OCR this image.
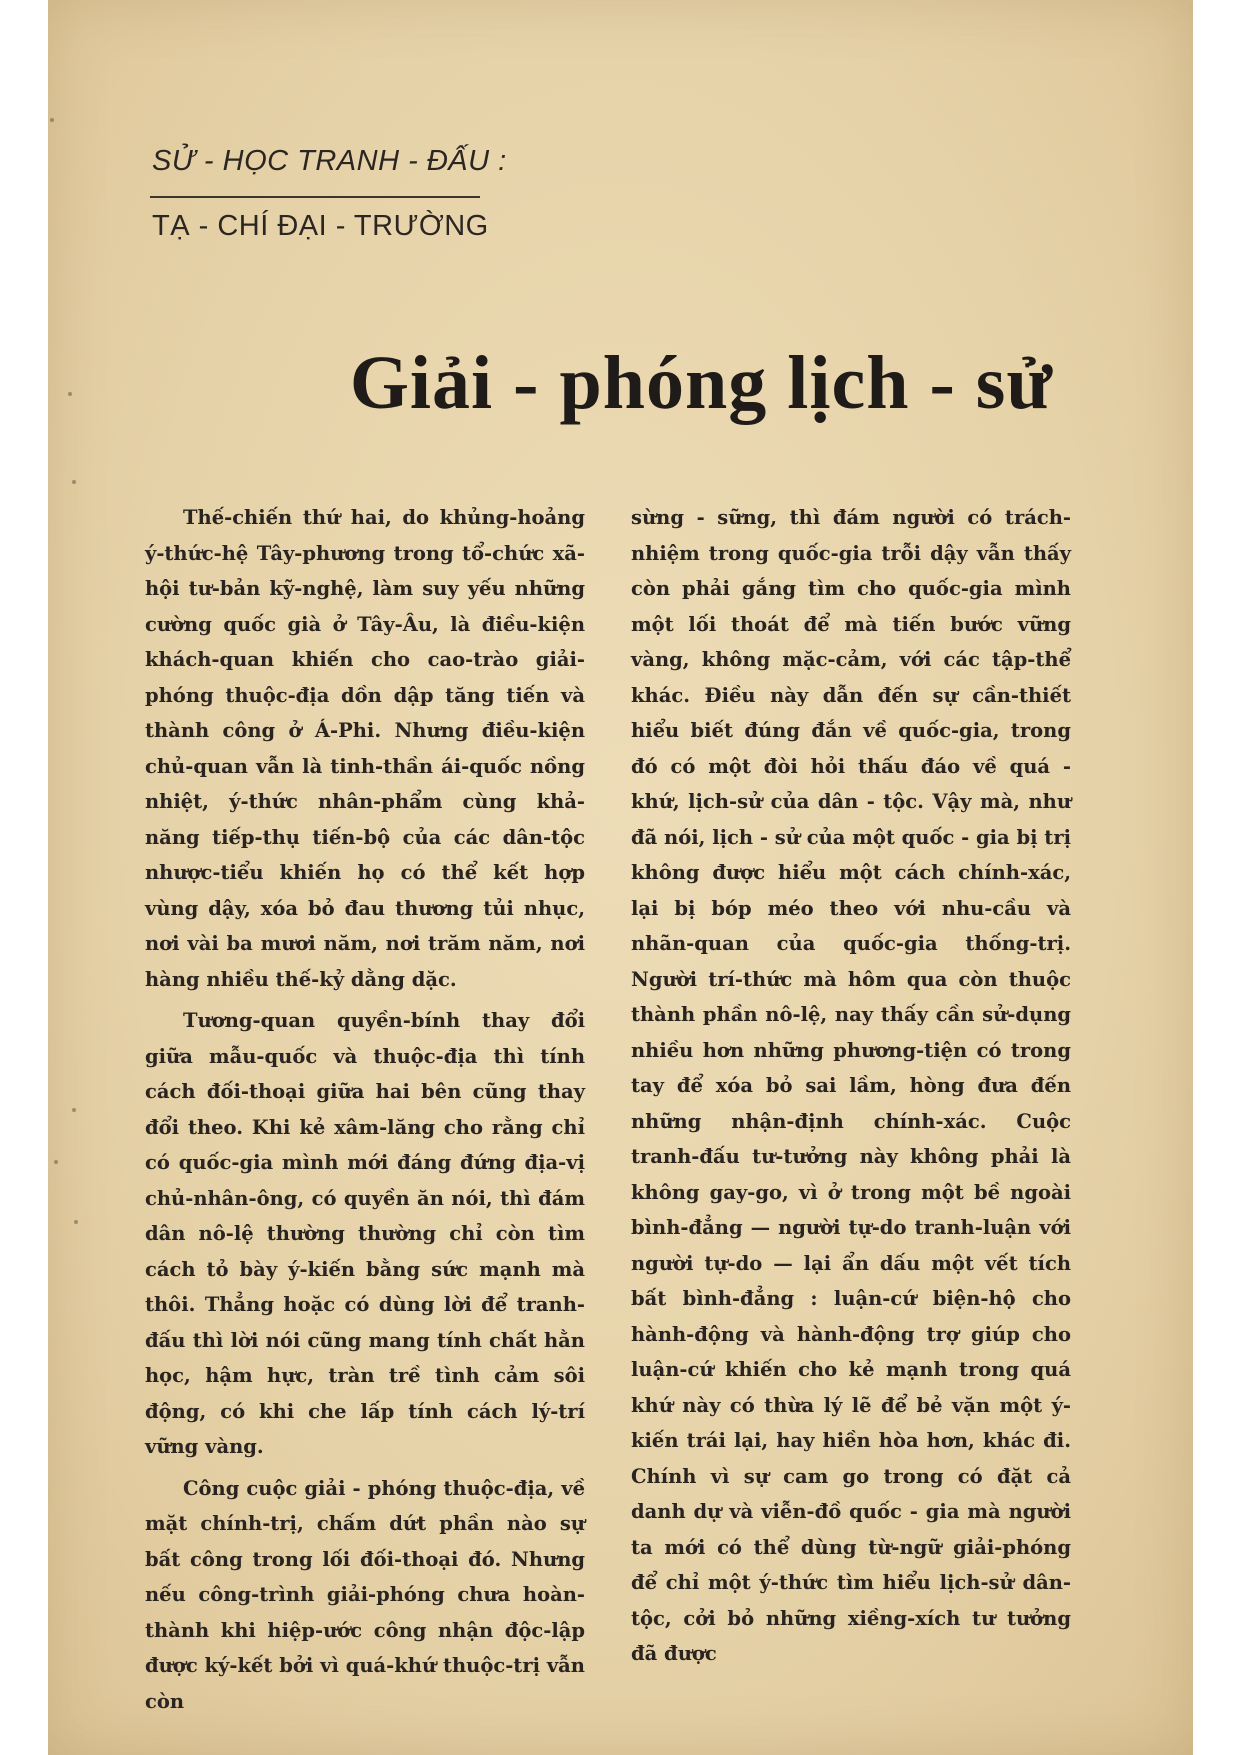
SỬ - HỌC TRANH - ĐẤU :
TẠ - CHÍ ĐẠI - TRƯỜNG
Giải - phóng lịch - sử

Thế-chiến thứ hai, do khủng-hoảng ý-thức-hệ Tây-phương trong tổ-chức xã-hội tư-bản kỹ-nghệ, làm suy yếu những cường quốc già ở Tây-Âu, là điều-kiện khách-quan khiến cho cao-trào giải-phóng thuộc-địa dồn dập tăng tiến và thành công ở Á-Phi. Nhưng điều-kiện chủ-quan vẫn là tinh-thần ái-quốc nồng nhiệt, ý-thức nhân-phẩm cùng khả-năng tiếp-thụ tiến-bộ của các dân-tộc nhược-tiểu khiến họ có thể kết hợp vùng dậy, xóa bỏ đau thương tủi nhục, nơi vài ba mươi năm, nơi trăm năm, nơi hàng nhiều thế-kỷ dằng dặc.

Tương-quan quyền-bính thay đổi giữa mẫu-quốc và thuộc-địa thì tính cách đối-thoại giữa hai bên cũng thay đổi theo. Khi kẻ xâm-lăng cho rằng chỉ có quốc-gia mình mới đáng đứng địa-vị chủ-nhân-ông, có quyền ăn nói, thì đám dân nô-lệ thường thường chỉ còn tìm cách tỏ bày ý-kiến bằng sức mạnh mà thôi. Thẳng hoặc có dùng lời để tranh-đấu thì lời nói cũng mang tính chất hằn học, hậm hực, tràn trề tình cảm sôi động, có khi che lấp tính cách lý-trí vững vàng.

Công cuộc giải - phóng thuộc-địa, về mặt chính-trị, chấm dứt phần nào sự bất công trong lối đối-thoại đó. Nhưng nếu công-trình giải-phóng chưa hoàn-thành khi hiệp-ước công nhận độc-lập được ký-kết bởi vì quá-khứ thuộc-trị vẫn còn

sừng - sững, thì đám người có trách-nhiệm trong quốc-gia trỗi dậy vẫn thấy còn phải gắng tìm cho quốc-gia mình một lối thoát để mà tiến bước vững vàng, không mặc-cảm, với các tập-thể khác. Điều này dẫn đến sự cần-thiết hiểu biết đúng đắn về quốc-gia, trong đó có một đòi hỏi thấu đáo về quá - khứ, lịch-sử của dân - tộc. Vậy mà, như đã nói, lịch - sử của một quốc - gia bị trị không được hiểu một cách chính-xác, lại bị bóp méo theo với nhu-cầu và nhãn-quan của quốc-gia thống-trị. Người trí-thức mà hôm qua còn thuộc thành phần nô-lệ, nay thấy cần sử-dụng nhiều hơn những phương-tiện có trong tay để xóa bỏ sai lầm, hòng đưa đến những nhận-định chính-xác. Cuộc tranh-đấu tư-tưởng này không phải là không gay-go, vì ở trong một bề ngoài bình-đẳng — người tự-do tranh-luận với người tự-do — lại ẩn dấu một vết tích bất bình-đẳng : luận-cứ biện-hộ cho hành-động và hành-động trợ giúp cho luận-cứ khiến cho kẻ mạnh trong quá khứ này có thừa lý lẽ để bẻ vặn một ý-kiến trái lại, hay hiền hòa hơn, khác đi. Chính vì sự cam go trong có đặt cả danh dự và viễn-đồ quốc - gia mà người ta mới có thể dùng từ-ngữ giải-phóng để chỉ một ý-thức tìm hiểu lịch-sử dân-tộc, cởi bỏ những xiềng-xích tư tưởng đã được
